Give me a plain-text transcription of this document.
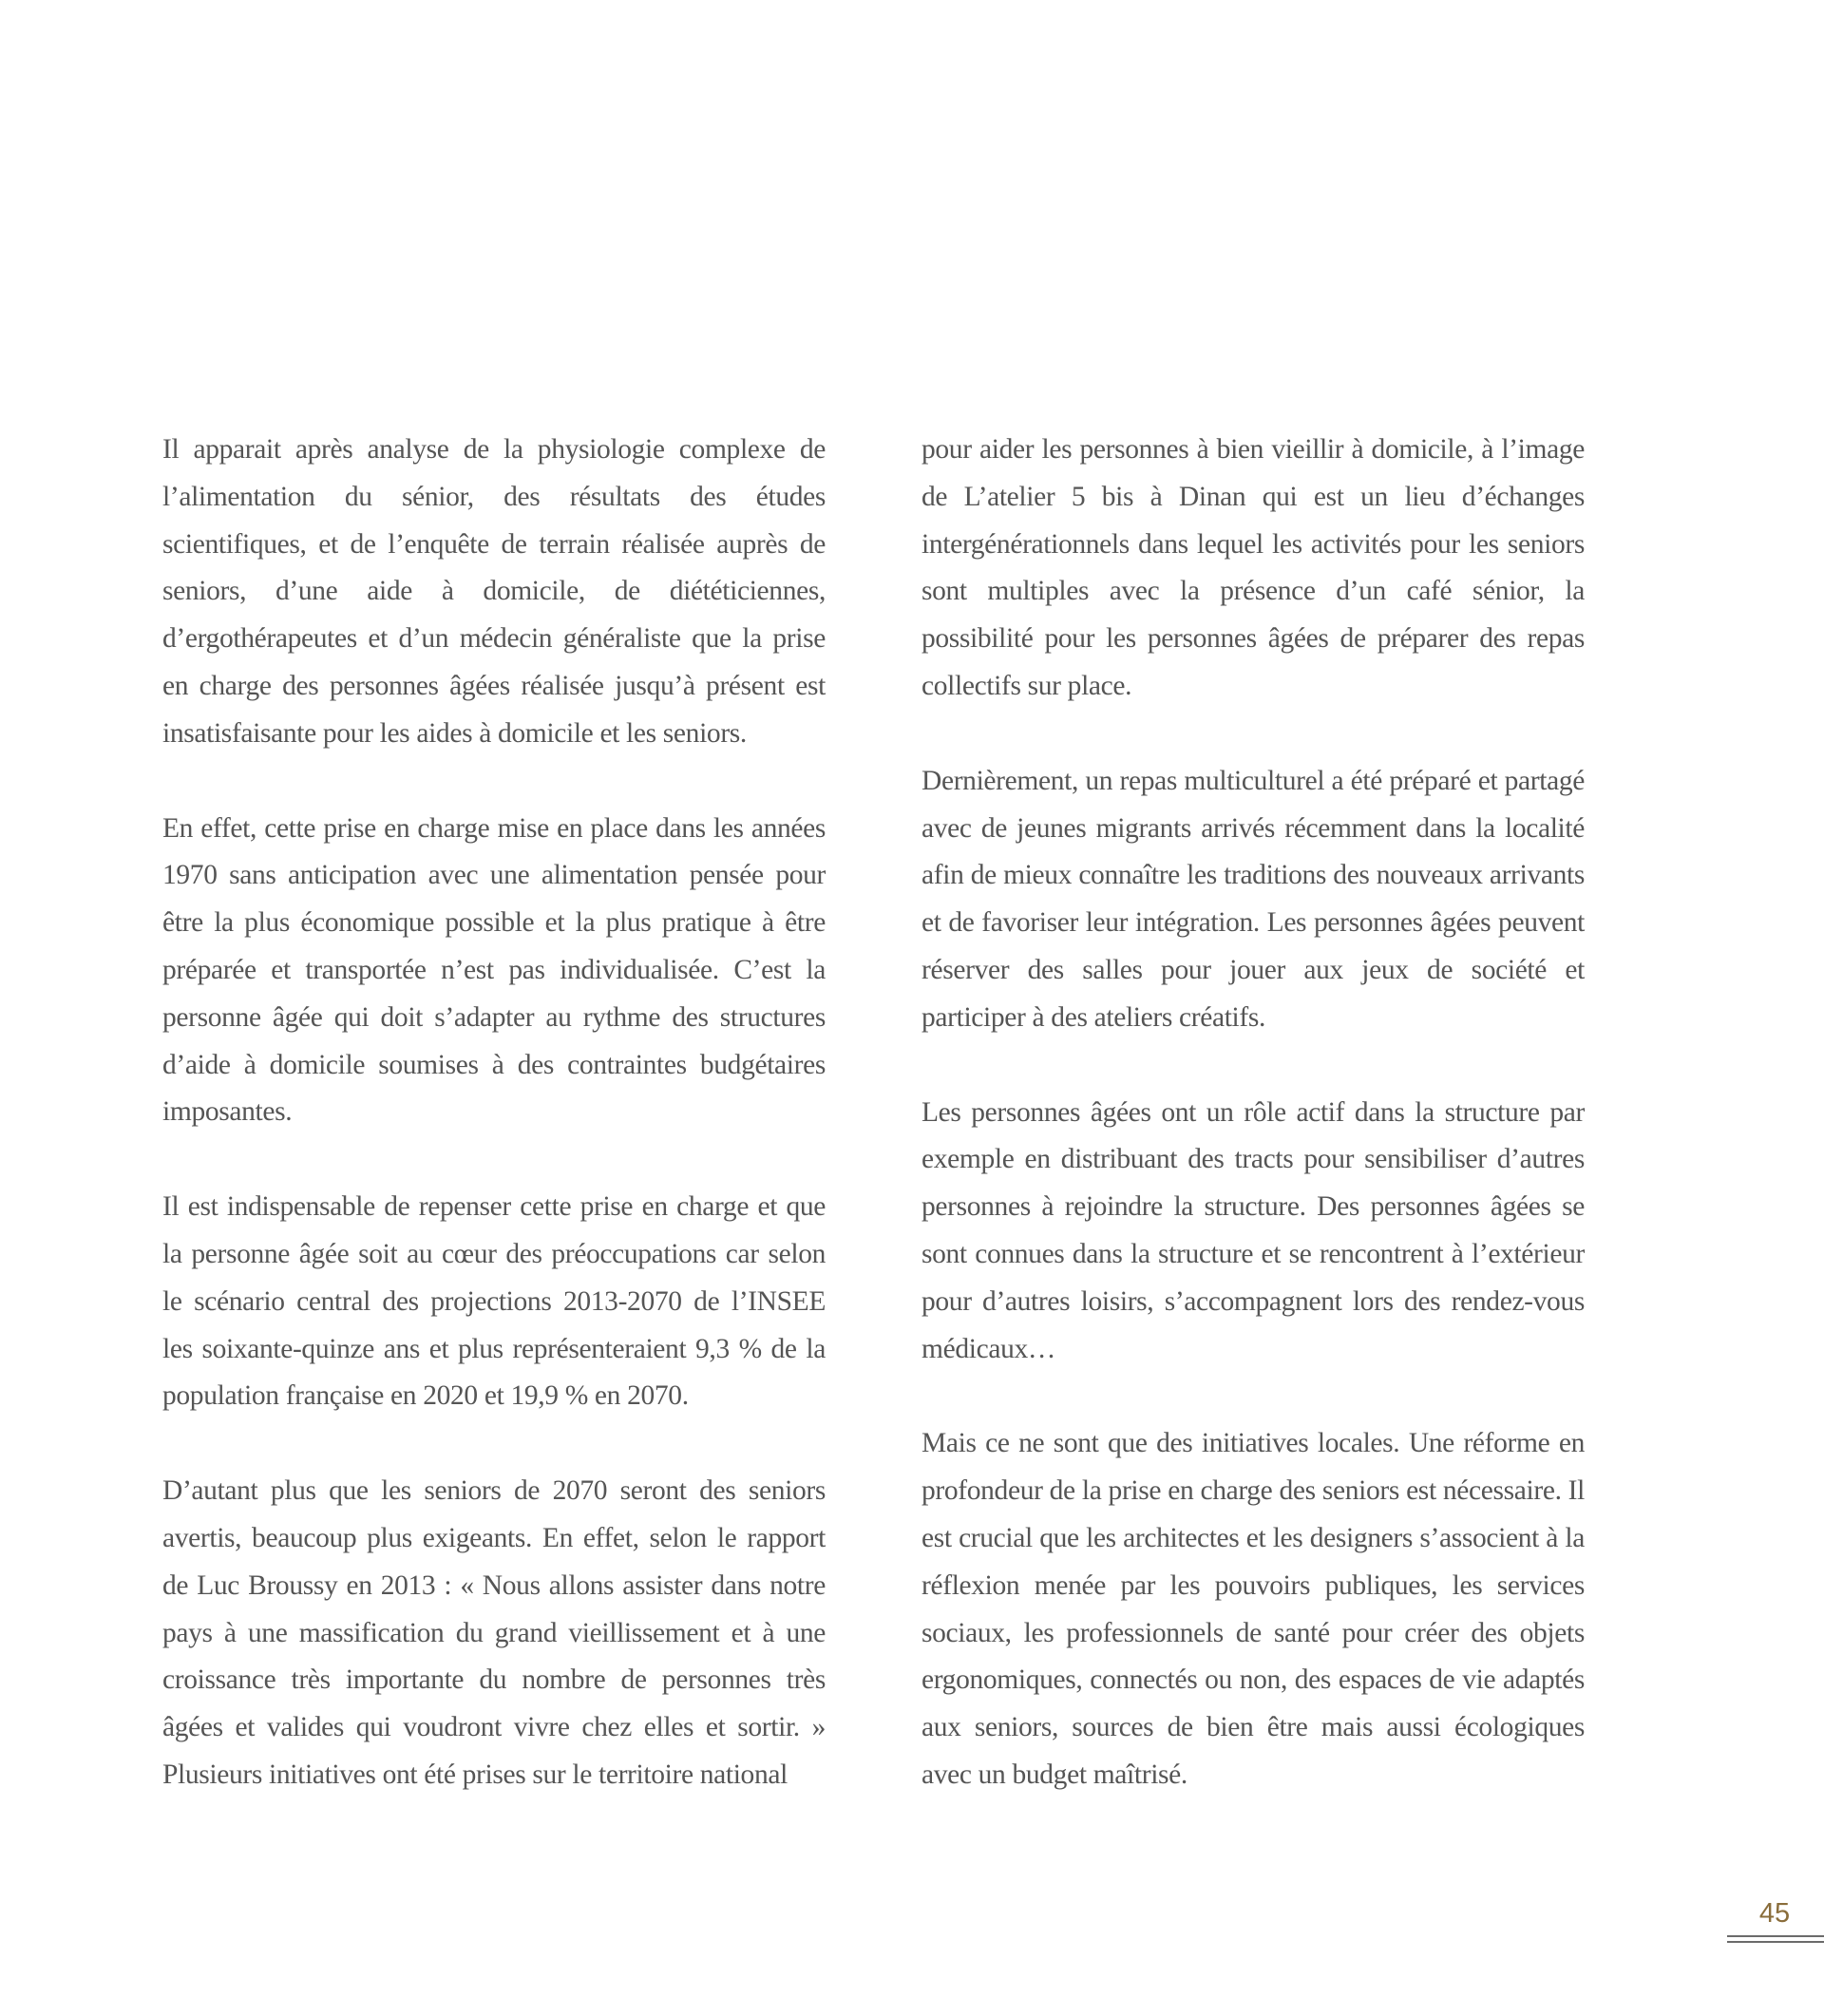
Il apparait après analyse de la physiologie complexe de l’alimentation du sénior, des résultats des études scientifiques, et de l’enquête de terrain réalisée auprès de seniors, d’une aide à domicile, de diététiciennes, d’ergothérapeutes et d’un médecin généraliste que la prise en charge des personnes âgées réalisée jusqu’à présent est insatisfaisante pour les aides à domicile et les seniors.

En effet, cette prise en charge mise en place dans les années 1970 sans anticipation avec une alimentation pensée pour être la plus économique possible et la plus pratique à être préparée et transportée n’est pas individualisée. C’est la personne âgée qui doit s’adapter au rythme des structures d’aide à domicile soumises à des contraintes budgétaires imposantes.

Il est indispensable de repenser cette prise en charge et que la personne âgée soit au cœur des préoccupations car selon le scénario central des projections 2013-2070 de l’INSEE les soixante-quinze ans et plus représenteraient 9,3 % de la population française en 2020 et 19,9 % en 2070.

D’autant plus que les seniors de 2070 seront des seniors avertis, beaucoup plus exigeants. En effet, selon le rapport de Luc Broussy en 2013 : « Nous allons assister dans notre pays à une massification du grand vieillissement et à une croissance très importante du nombre de personnes très âgées et valides qui voudront vivre chez elles et sortir. » Plusieurs initiatives ont été prises sur le territoire national

pour aider les personnes à bien vieillir à domicile, à l’image de L’atelier 5 bis à Dinan qui est un lieu d’échanges intergénérationnels dans lequel les activités pour les seniors sont multiples avec la présence d’un café sénior, la possibilité pour les personnes âgées de préparer des repas collectifs sur place.

Dernièrement, un repas multiculturel a été préparé et partagé avec de jeunes migrants arrivés récemment dans la localité afin de mieux connaître les traditions des nouveaux arrivants et de favoriser leur intégration. Les personnes âgées peuvent réserver des salles pour jouer aux jeux de société et participer à des ateliers créatifs.

Les personnes âgées ont un rôle actif dans la structure par exemple en distribuant des tracts pour sensibiliser d’autres personnes à rejoindre la structure. Des personnes âgées se sont connues dans la structure et se rencontrent à l’extérieur pour d’autres loisirs, s’accompagnent lors des rendez-vous médicaux…

Mais ce ne sont que des initiatives locales. Une réforme en profondeur de la prise en charge des seniors est nécessaire. Il est crucial que les architectes et les designers s’associent à la réflexion menée par les pouvoirs publiques, les services sociaux, les professionnels de santé pour créer des objets ergonomiques, connectés ou non, des espaces de vie adaptés aux seniors, sources de bien être mais aussi écologiques avec un budget maîtrisé.

45
